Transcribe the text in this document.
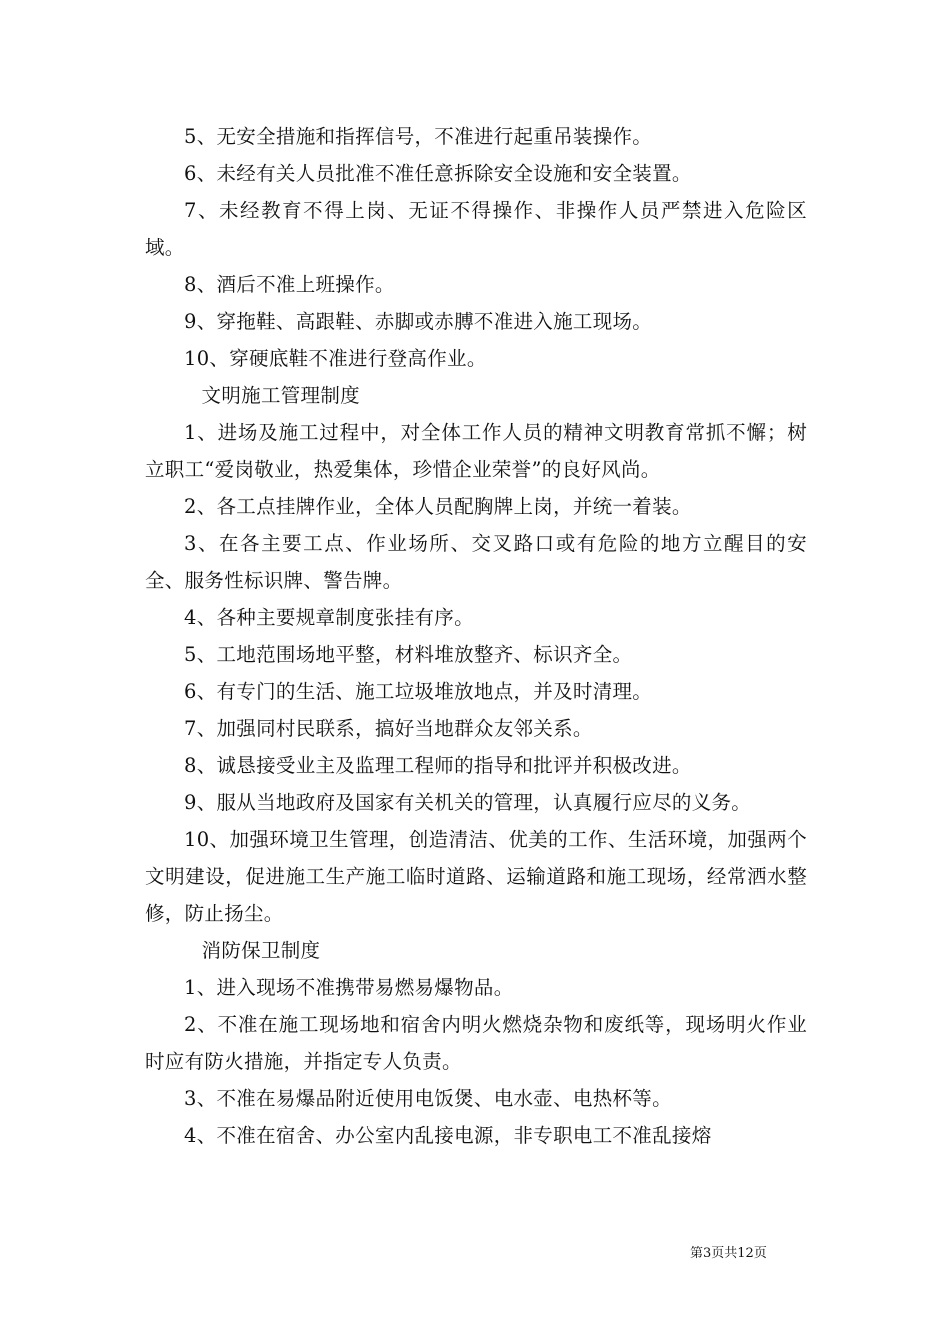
5、无安全措施和指挥信号，不准进行起重吊装操作。

6、未经有关人员批准不准任意拆除安全设施和安全装置。

7、未经教育不得上岗、无证不得操作、非操作人员严禁进入危险区域。

8、酒后不准上班操作。

9、穿拖鞋、高跟鞋、赤脚或赤膊不准进入施工现场。

10、穿硬底鞋不准进行登高作业。

文明施工管理制度

1、进场及施工过程中，对全体工作人员的精神文明教育常抓不懈；树立职工“爱岗敬业，热爱集体，珍惜企业荣誉”的良好风尚。

2、各工点挂牌作业，全体人员配胸牌上岗，并统一着装。

3、在各主要工点、作业场所、交叉路口或有危险的地方立醒目的安全、服务性标识牌、警告牌。

4、各种主要规章制度张挂有序。

5、工地范围场地平整，材料堆放整齐、标识齐全。

6、有专门的生活、施工垃圾堆放地点，并及时清理。

7、加强同村民联系，搞好当地群众友邻关系。

8、诚恳接受业主及监理工程师的指导和批评并积极改进。

9、服从当地政府及国家有关机关的管理，认真履行应尽的义务。

10、加强环境卫生管理，创造清洁、优美的工作、生活环境，加强两个文明建设，促进施工生产施工临时道路、运输道路和施工现场，经常洒水整修，防止扬尘。

消防保卫制度

1、进入现场不准携带易燃易爆物品。

2、不准在施工现场地和宿舍内明火燃烧杂物和废纸等，现场明火作业时应有防火措施，并指定专人负责。

3、不准在易爆品附近使用电饭煲、电水壶、电热杯等。

4、不准在宿舍、办公室内乱接电源，非专职电工不准乱接熔

第3页共12页
